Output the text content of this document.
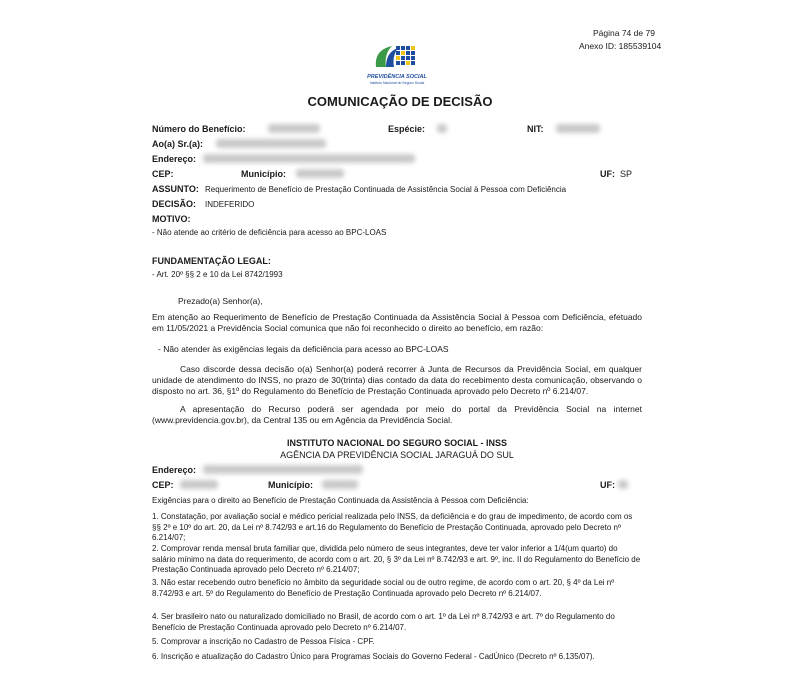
Página 74 de 79
Anexo ID: 185539104
PREVIDÊNCIA SOCIAL
Instituto Nacional do Seguro Social
COMUNICAÇÃO DE DECISÃO
Número do Benefício:	Espécie:	NIT:
Ao(a) Sr.(a):
Endereço:
CEP:	Município:	UF: SP
ASSUNTO: Requerimento de Benefício de Prestação Continuada de Assistência Social à Pessoa com Deficiência
DECISÃO: INDEFERIDO
MOTIVO:
- Não atende ao critério de deficiência para acesso ao BPC-LOAS
FUNDAMENTAÇÃO LEGAL:
- Art. 20º §§ 2 e 10 da Lei 8742/1993
Prezado(a) Senhor(a),
Em atenção ao Requerimento de Benefício de Prestação Continuada da Assistência Social à Pessoa com Deficiência, efetuado em 11/05/2021 a Previdência Social comunica que não foi reconhecido o direito ao benefício, em razão:
- Não atender às exigências legais da deficiência para acesso ao BPC-LOAS
Caso discorde dessa decisão o(a) Senhor(a) poderá recorrer à Junta de Recursos da Previdência Social, em qualquer unidade de atendimento do INSS, no prazo de 30(trinta) dias contado da data do recebimento desta comunicação, observando o disposto no art. 36, §1º do Regulamento do Benefício de Prestação Continuada aprovado pelo Decreto nº 6.214/07.
A apresentação do Recurso poderá ser agendada por meio do portal da Previdência Social na internet (www.previdencia.gov.br), da Central 135 ou em Agência da Previdência Social.
INSTITUTO NACIONAL DO SEGURO SOCIAL - INSS
AGÊNCIA DA PREVIDÊNCIA SOCIAL JARAGUÁ DO SUL
Endereço:
CEP:	Município:	UF:
Exigências para o direito ao Benefício de Prestação Continuada da Assistência à Pessoa com Deficiência:
1. Constatação, por avaliação social e médico pericial realizada pelo INSS, da deficiência e do grau de impedimento, de acordo com os §§ 2º e 10º do art. 20, da Lei nº 8.742/93 e art.16 do Regulamento do Benefício de Prestação Continuada, aprovado pelo Decreto nº 6.214/07;
2. Comprovar renda mensal bruta familiar que, dividida pelo número de seus integrantes, deve ter valor inferior a 1/4(um quarto) do salário mínimo na data do requerimento, de acordo com o art. 20, § 3º da Lei nº 8.742/93 e art. 9º, inc. II do Regulamento do Benefício de Prestação Continuada aprovado pelo Decreto nº 6.214/07;
3. Não estar recebendo outro benefício no âmbito da seguridade social ou de outro regime, de acordo com o art. 20, § 4º da Lei nº 8.742/93 e art. 5º do Regulamento do Benefício de Prestação Continuada aprovado pelo Decreto nº 6.214/07.
4. Ser brasileiro nato ou naturalizado domiciliado no Brasil, de acordo com o art. 1º da Lei nº 8.742/93 e art. 7º do Regulamento do Benefício de Prestação Continuada aprovado pelo Decreto nº 6.214/07.
5. Comprovar a inscrição no Cadastro de Pessoa Física - CPF.
6. Inscrição e atualização do Cadastro Único para Programas Sociais do Governo Federal - CadÚnico (Decreto nº 6.135/07).
